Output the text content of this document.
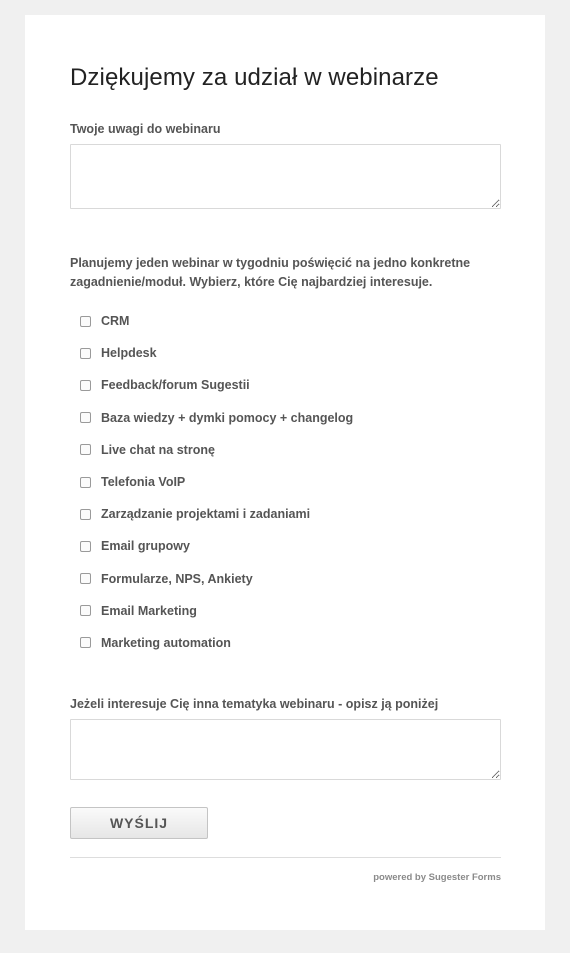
Dziękujemy za udział w webinarze
Twoje uwagi do webinaru
Planujemy jeden webinar w tygodniu poświęcić na jedno konkretne zagadnienie/moduł. Wybierz, które Cię najbardziej interesuje.
CRM
Helpdesk
Feedback/forum Sugestii
Baza wiedzy + dymki pomocy + changelog
Live chat na stronę
Telefonia VoIP
Zarządzanie projektami i zadaniami
Email grupowy
Formularze, NPS, Ankiety
Email Marketing
Marketing automation
Jeżeli interesuje Cię inna tematyka webinaru - opisz ją poniżej
WYŚLIJ
powered by Sugester Forms
